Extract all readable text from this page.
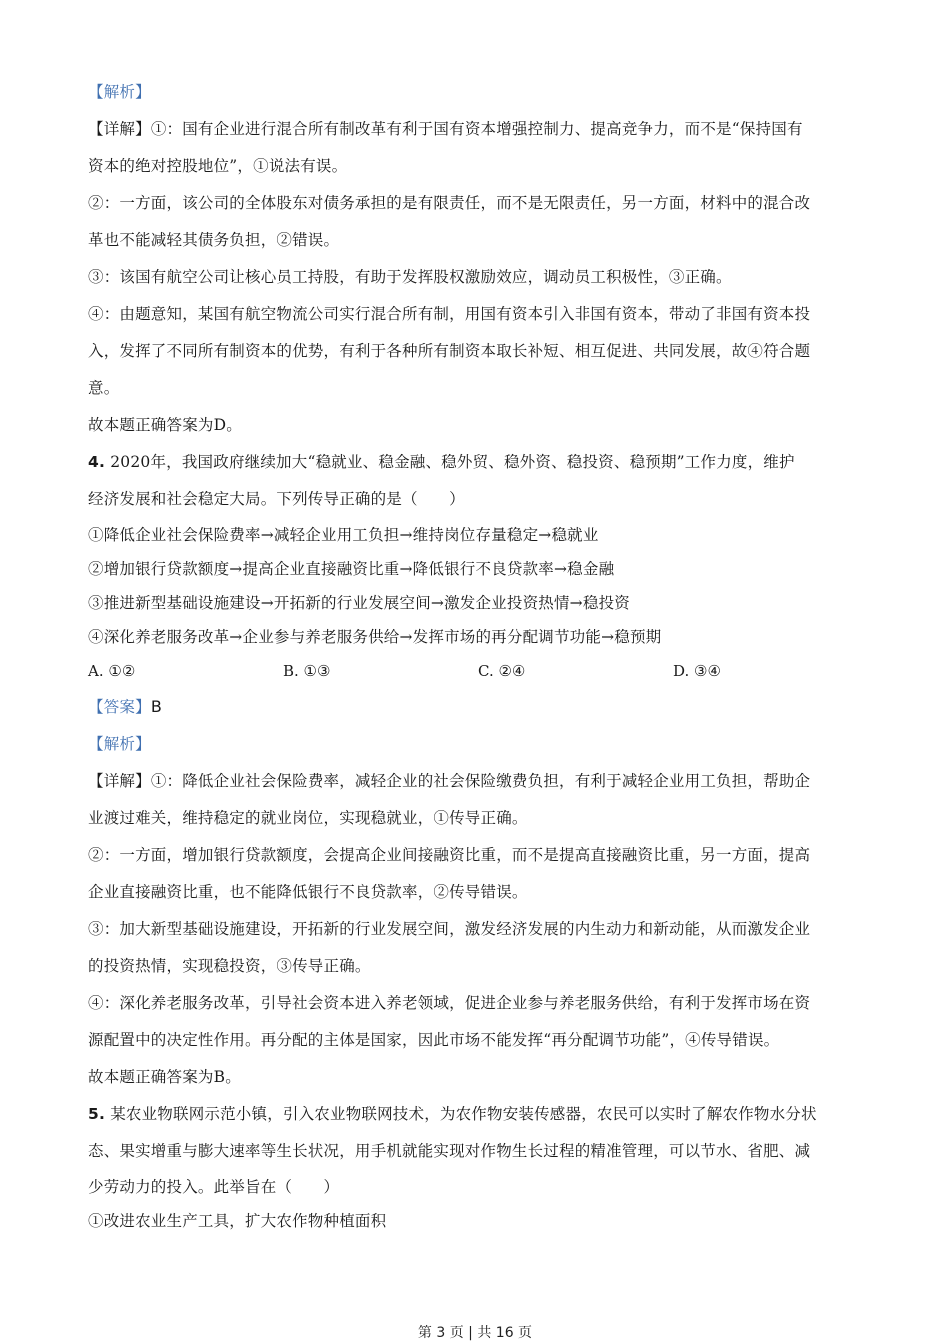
【解析】
【详解】①：国有企业进行混合所有制改革有利于国有资本增强控制力、提高竞争力，而不是“保持国有
资本的绝对控股地位”，①说法有误。
②：一方面，该公司的全体股东对债务承担的是有限责任，而不是无限责任，另一方面，材料中的混合改
革也不能减轻其债务负担，②错误。
③：该国有航空公司让核心员工持股，有助于发挥股权激励效应，调动员工积极性，③正确。
④：由题意知，某国有航空物流公司实行混合所有制，用国有资本引入非国有资本，带动了非国有资本投
入，发挥了不同所有制资本的优势，有利于各种所有制资本取长补短、相互促进、共同发展，故④符合题
意。
故本题正确答案为D。
4. 2020年，我国政府继续加大“稳就业、稳金融、稳外贸、稳外资、稳投资、稳预期”工作力度，维护
经济发展和社会稳定大局。下列传导正确的是（　　）
①降低企业社会保险费率→减轻企业用工负担→维持岗位存量稳定→稳就业
②增加银行贷款额度→提高企业直接融资比重→降低银行不良贷款率→稳金融
③推进新型基础设施建设→开拓新的行业发展空间→激发企业投资热情→稳投资
④深化养老服务改革→企业参与养老服务供给→发挥市场的再分配调节功能→稳预期
A. ①②	B. ①③	C. ②④	D. ③④
【答案】B
【解析】
【详解】①：降低企业社会保险费率，减轻企业的社会保险缴费负担，有利于减轻企业用工负担，帮助企
业渡过难关，维持稳定的就业岗位，实现稳就业，①传导正确。
②：一方面，增加银行贷款额度，会提高企业间接融资比重，而不是提高直接融资比重，另一方面，提高
企业直接融资比重，也不能降低银行不良贷款率，②传导错误。
③：加大新型基础设施建设，开拓新的行业发展空间，激发经济发展的内生动力和新动能，从而激发企业
的投资热情，实现稳投资，③传导正确。
④：深化养老服务改革，引导社会资本进入养老领域，促进企业参与养老服务供给，有利于发挥市场在资
源配置中的决定性作用。再分配的主体是国家，因此市场不能发挥“再分配调节功能”，④传导错误。
故本题正确答案为B。
5. 某农业物联网示范小镇，引入农业物联网技术，为农作物安装传感器，农民可以实时了解农作物水分状
态、果实增重与膨大速率等生长状况，用手机就能实现对作物生长过程的精准管理，可以节水、省肥、减
少劳动力的投入。此举旨在（　　）
①改进农业生产工具，扩大农作物种植面积
第 3 页 | 共 16 页
